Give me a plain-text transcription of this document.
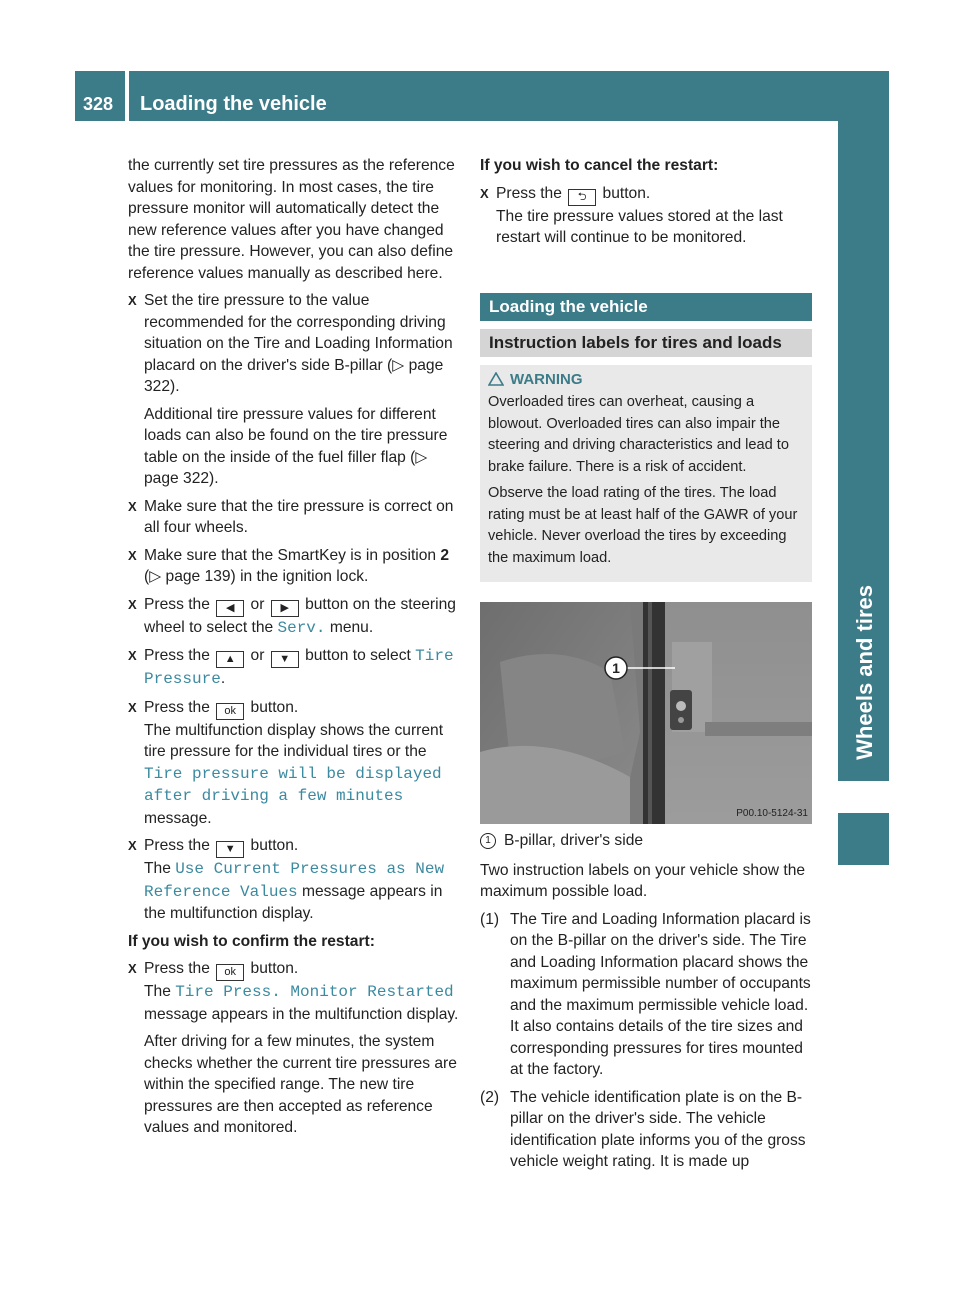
328	Loading the vehicle
Wheels and tires

the currently set tire pressures as the reference values for monitoring. In most cases, the tire pressure monitor will automatically detect the new reference values after you have changed the tire pressure. However, you can also define reference values manually as described here.

X Set the tire pressure to the value recommended for the corresponding driving situation on the Tire and Loading Information placard on the driver's side B-pillar (▷ page 322).

Additional tire pressure values for different loads can also be found on the tire pressure table on the inside of the fuel filler flap (▷ page 322).

X Make sure that the tire pressure is correct on all four wheels.

X Make sure that the SmartKey is in position 2 (▷ page 139) in the ignition lock.

X Press the ◀ or ▶ button on the steering wheel to select the Serv. menu.

X Press the ▲ or ▼ button to select Tire Pressure.

X Press the ok button.
The multifunction display shows the current tire pressure for the individual tires or the Tire pressure will be displayed after driving a few minutes message.

X Press the ▼ button.
The Use Current Pressures as New Reference Values message appears in the multifunction display.

If you wish to confirm the restart:

X Press the ok button.
The Tire Press. Monitor Restarted message appears in the multifunction display.

After driving for a few minutes, the system checks whether the current tire pressures are within the specified range. The new tire pressures are then accepted as reference values and monitored.

If you wish to cancel the restart:

X Press the ⮌ button.
The tire pressure values stored at the last restart will continue to be monitored.

Loading the vehicle
Instruction labels for tires and loads
WARNING

Overloaded tires can overheat, causing a blowout. Overloaded tires can also impair the steering and driving characteristics and lead to brake failure. There is a risk of accident.

Observe the load rating of the tires. The load rating must be at least half of the GAWR of your vehicle. Never overload the tires by exceeding the maximum load.

1
P00.10-5124-31
1 B-pillar, driver's side

Two instruction labels on your vehicle show the maximum possible load.

(1) The Tire and Loading Information placard is on the B-pillar on the driver's side. The Tire and Loading Information placard shows the maximum permissible number of occupants and the maximum permissible vehicle load. It also contains details of the tire sizes and corresponding pressures for tires mounted at the factory.
(2) The vehicle identification plate is on the B-pillar on the driver's side. The vehicle identification plate informs you of the gross vehicle weight rating. It is made up
